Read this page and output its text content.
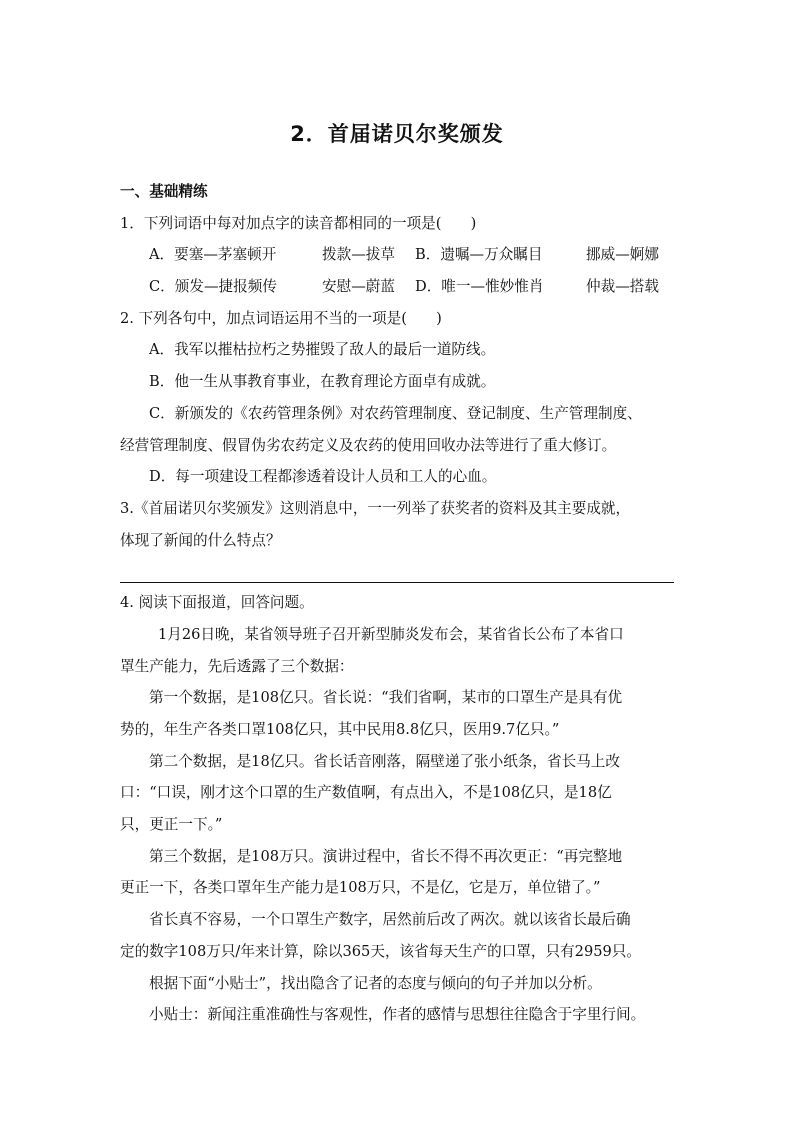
2．首届诺贝尔奖颁发
一、基础精练
1．下列词语中每对加点字的读音都相同的一项是(　　)
A．要塞—茅塞顿开	拨款—拔草 B．遗嘱—万众瞩目	挪威—婀娜
C．颁发—捷报频传	安慰—蔚蓝 D．唯一—惟妙惟肖	仲裁—搭载
2. 下列各句中，加点词语运用不当的一项是(　　)
A．我军以摧枯拉朽之势摧毁了敌人的最后一道防线。
B．他一生从事教育事业，在教育理论方面卓有成就。
C．新颁发的《农药管理条例》对农药管理制度、登记制度、生产管理制度、
经营管理制度、假冒伪劣农药定义及农药的使用回收办法等进行了重大修订。
D．每一项建设工程都渗透着设计人员和工人的心血。
3.《首届诺贝尔奖颁发》这则消息中，一一列举了获奖者的资料及其主要成就，
体现了新闻的什么特点？
4. 阅读下面报道，回答问题。
1月26日晚，某省领导班子召开新型肺炎发布会，某省省长公布了本省口
罩生产能力，先后透露了三个数据：
第一个数据，是108亿只。省长说：“我们省啊，某市的口罩生产是具有优
势的，年生产各类口罩108亿只，其中民用8.8亿只，医用9.7亿只。”
第二个数据，是18亿只。省长话音刚落，隔壁递了张小纸条，省长马上改
口：“口误，刚才这个口罩的生产数值啊，有点出入，不是108亿只，是18亿
只，更正一下。”
第三个数据，是108万只。演讲过程中，省长不得不再次更正：“再完整地
更正一下，各类口罩年生产能力是108万只，不是亿，它是万，单位错了。”
省长真不容易，一个口罩生产数字，居然前后改了两次。就以该省长最后确
定的数字108万只/年来计算，除以365天，该省每天生产的口罩，只有2959只。
根据下面“小贴士”，找出隐含了记者的态度与倾向的句子并加以分析。
小贴士：新闻注重准确性与客观性，作者的感情与思想往往隐含于字里行间。
